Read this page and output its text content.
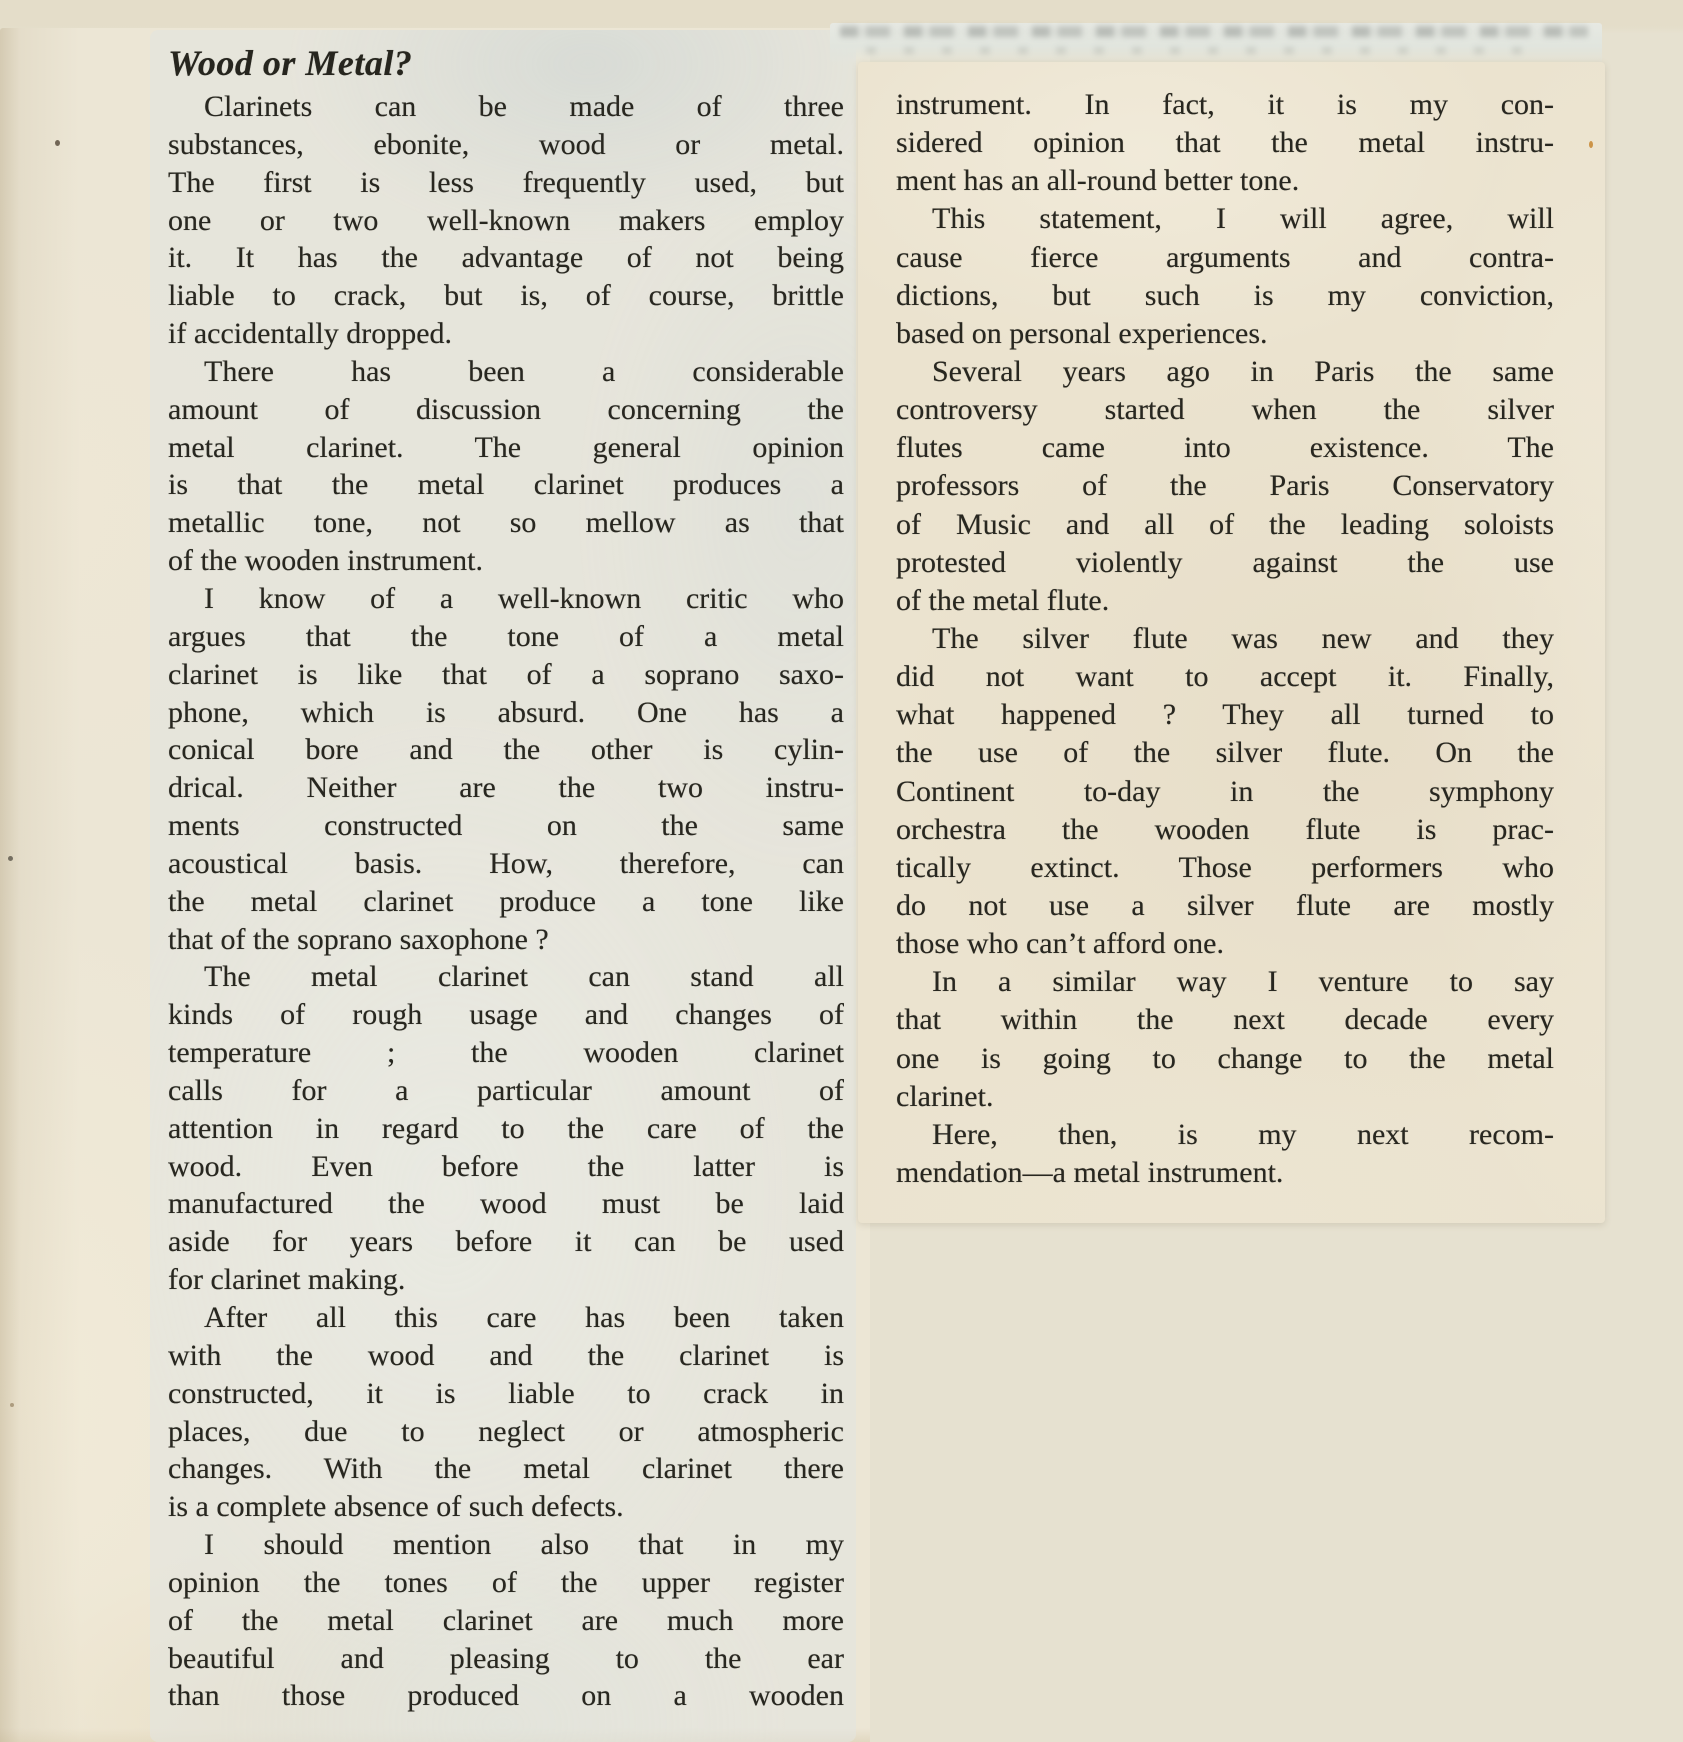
Wood or Metal?
Clarinets can be made of three
substances, ebonite, wood or metal.
The first is less frequently used, but
one or two well-known makers employ
it. It has the advantage of not being
liable to crack, but is, of course, brittle
if accidentally dropped.
There has been a considerable
amount of discussion concerning the
metal clarinet. The general opinion
is that the metal clarinet produces a
metallic tone, not so mellow as that
of the wooden instrument.
I know of a well-known critic who
argues that the tone of a metal
clarinet is like that of a soprano saxo-
phone, which is absurd. One has a
conical bore and the other is cylin-
drical. Neither are the two instru-
ments constructed on the same
acoustical basis. How, therefore, can
the metal clarinet produce a tone like
that of the soprano saxophone ?
The metal clarinet can stand all
kinds of rough usage and changes of
temperature ; the wooden clarinet
calls for a particular amount of
attention in regard to the care of the
wood. Even before the latter is
manufactured the wood must be laid
aside for years before it can be used
for clarinet making.
After all this care has been taken
with the wood and the clarinet is
constructed, it is liable to crack in
places, due to neglect or atmospheric
changes. With the metal clarinet there
is a complete absence of such defects.
I should mention also that in my
opinion the tones of the upper register
of the metal clarinet are much more
beautiful and pleasing to the ear
than those produced on a wooden
instrument. In fact, it is my con-
sidered opinion that the metal instru-
ment has an all-round better tone.
This statement, I will agree, will
cause fierce arguments and contra-
dictions, but such is my conviction,
based on personal experiences.
Several years ago in Paris the same
controversy started when the silver
flutes came into existence. The
professors of the Paris Conservatory
of Music and all of the leading soloists
protested violently against the use
of the metal flute.
The silver flute was new and they
did not want to accept it. Finally,
what happened ? They all turned to
the use of the silver flute. On the
Continent to-day in the symphony
orchestra the wooden flute is prac-
tically extinct. Those performers who
do not use a silver flute are mostly
those who can’t afford one.
In a similar way I venture to say
that within the next decade every
one is going to change to the metal
clarinet.
Here, then, is my next recom-
mendation—a metal instrument.
